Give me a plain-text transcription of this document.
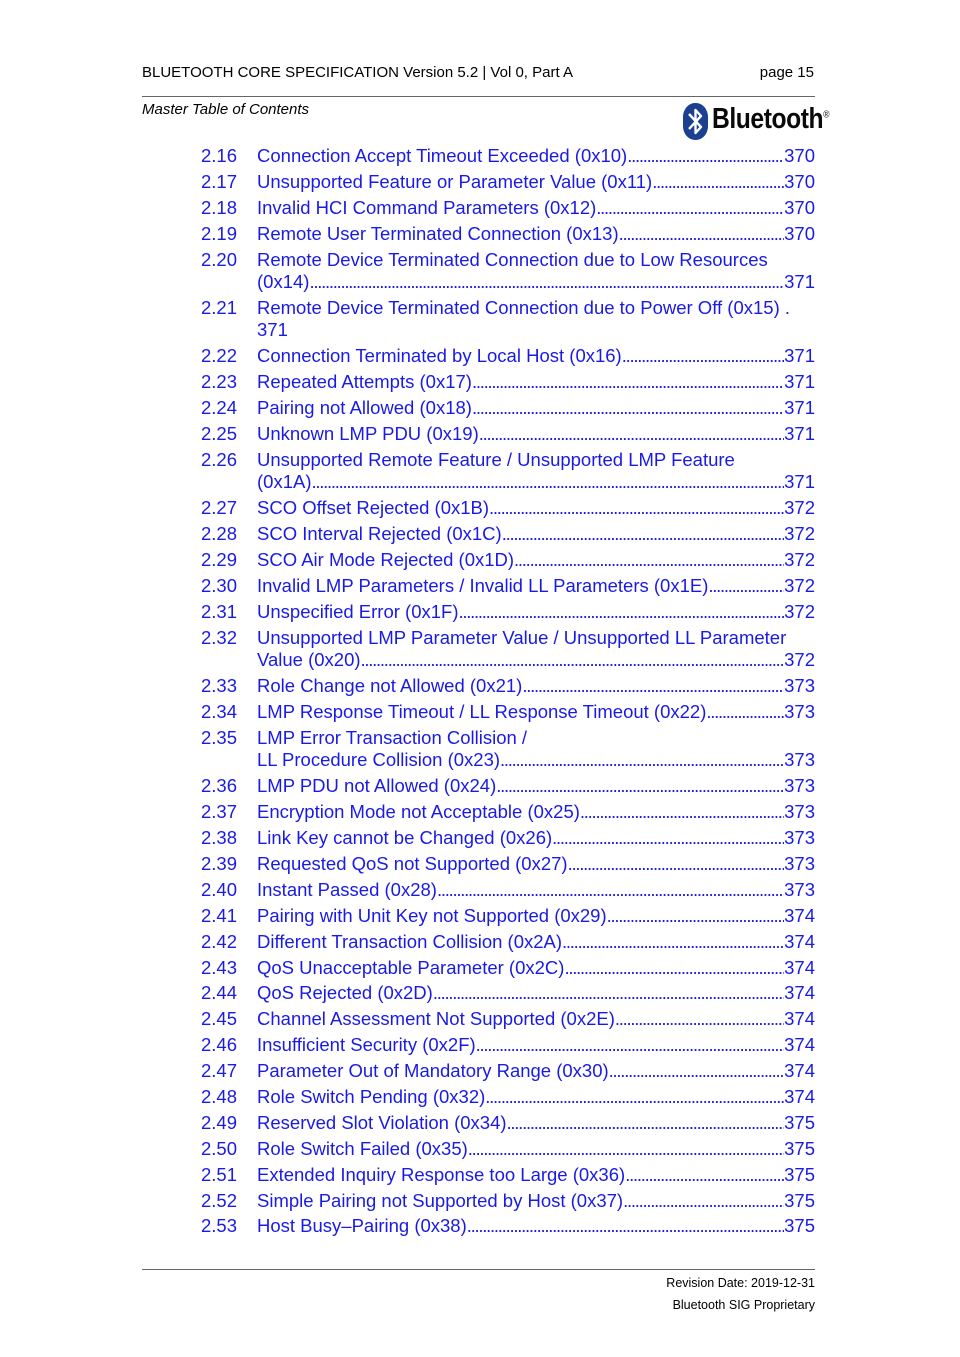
BLUETOOTH CORE SPECIFICATION Version 5.2 | Vol 0, Part A	page 15
Master Table of Contents	Bluetooth®
2.16	Connection Accept Timeout Exceeded (0x10) . . .	370
2.17	Unsupported Feature or Parameter Value (0x11) . . .	370
2.18	Invalid HCI Command Parameters (0x12) . . .	370
2.19	Remote User Terminated Connection (0x13) . . .	370
2.20	Remote Device Terminated Connection due to Low Resources
(0x14) . . .	371
2.21	Remote Device Terminated Connection due to Power Off (0x15) .
371
2.22	Connection Terminated by Local Host (0x16) . . .	371
2.23	Repeated Attempts (0x17) . . .	371
2.24	Pairing not Allowed (0x18) . . .	371
2.25	Unknown LMP PDU (0x19) . . .	371
2.26	Unsupported Remote Feature / Unsupported LMP Feature
(0x1A) . . .	371
2.27	SCO Offset Rejected (0x1B) . . .	372
2.28	SCO Interval Rejected (0x1C) . . .	372
2.29	SCO Air Mode Rejected (0x1D) . . .	372
2.30	Invalid LMP Parameters / Invalid LL Parameters (0x1E) . . .	372
2.31	Unspecified Error (0x1F) . . .	372
2.32	Unsupported LMP Parameter Value / Unsupported LL Parameter
Value (0x20) . . .	372
2.33	Role Change not Allowed (0x21) . . .	373
2.34	LMP Response Timeout / LL Response Timeout (0x22) . . .	373
2.35	LMP Error Transaction Collision /
LL Procedure Collision (0x23) . . .	373
2.36	LMP PDU not Allowed (0x24) . . .	373
2.37	Encryption Mode not Acceptable (0x25) . . .	373
2.38	Link Key cannot be Changed (0x26) . . .	373
2.39	Requested QoS not Supported (0x27) . . .	373
2.40	Instant Passed (0x28) . . .	373
2.41	Pairing with Unit Key not Supported (0x29) . . .	374
2.42	Different Transaction Collision (0x2A) . . .	374
2.43	QoS Unacceptable Parameter (0x2C) . . .	374
2.44	QoS Rejected (0x2D) . . .	374
2.45	Channel Assessment Not Supported (0x2E) . . .	374
2.46	Insufficient Security (0x2F) . . .	374
2.47	Parameter Out of Mandatory Range (0x30) . . .	374
2.48	Role Switch Pending (0x32) . . .	374
2.49	Reserved Slot Violation (0x34) . . .	375
2.50	Role Switch Failed (0x35) . . .	375
2.51	Extended Inquiry Response too Large (0x36) . . .	375
2.52	Simple Pairing not Supported by Host (0x37) . . .	375
2.53	Host Busy–Pairing (0x38) . . .	375
Revision Date: 2019-12-31
Bluetooth SIG Proprietary
